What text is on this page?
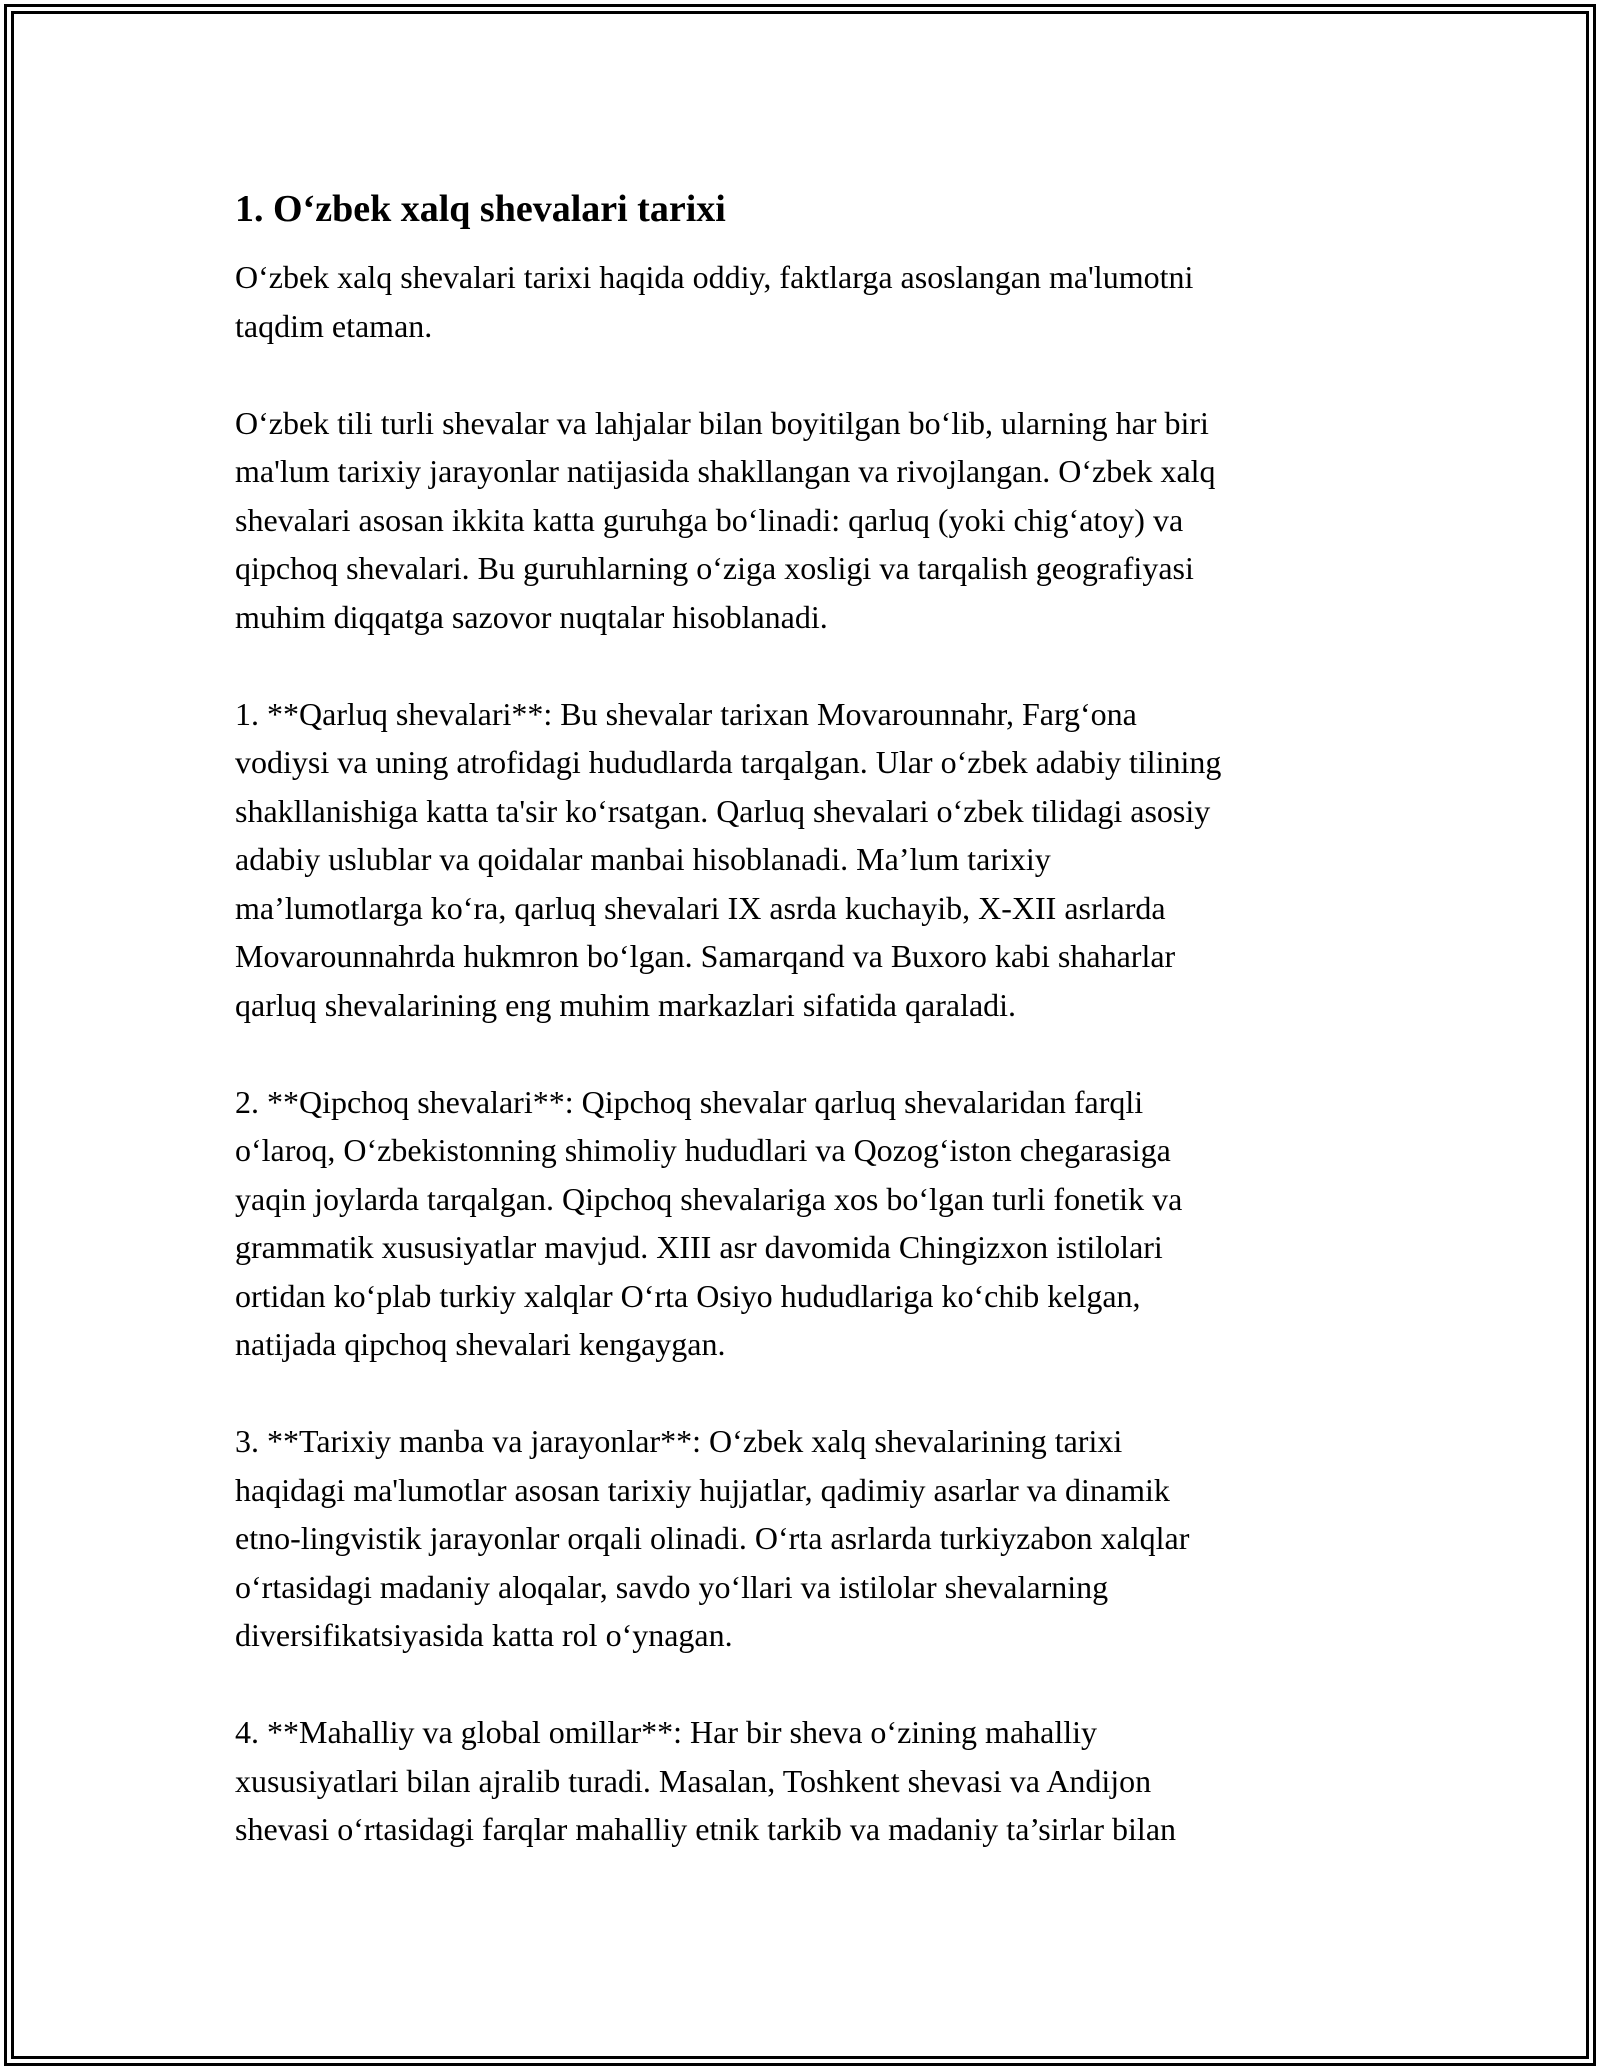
1. O‘zbek xalq shevalari tarixi

O‘zbek xalq shevalari tarixi haqida oddiy, faktlarga asoslangan ma'lumotni
taqdim etaman.

O‘zbek tili turli shevalar va lahjalar bilan boyitilgan bo‘lib, ularning har biri
ma'lum tarixiy jarayonlar natijasida shakllangan va rivojlangan. O‘zbek xalq
shevalari asosan ikkita katta guruhga bo‘linadi: qarluq (yoki chig‘atoy) va
qipchoq shevalari. Bu guruhlarning o‘ziga xosligi va tarqalish geografiyasi
muhim diqqatga sazovor nuqtalar hisoblanadi.

1. **Qarluq shevalari**: Bu shevalar tarixan Movarounnahr, Farg‘ona
vodiysi va uning atrofidagi hududlarda tarqalgan. Ular o‘zbek adabiy tilining
shakllanishiga katta ta'sir ko‘rsatgan. Qarluq shevalari o‘zbek tilidagi asosiy
adabiy uslublar va qoidalar manbai hisoblanadi. Ma’lum tarixiy
ma’lumotlarga ko‘ra, qarluq shevalari IX asrda kuchayib, X-XII asrlarda
Movarounnahrda hukmron bo‘lgan. Samarqand va Buxoro kabi shaharlar
qarluq shevalarining eng muhim markazlari sifatida qaraladi.

2. **Qipchoq shevalari**: Qipchoq shevalar qarluq shevalaridan farqli
o‘laroq, O‘zbekistonning shimoliy hududlari va Qozog‘iston chegarasiga
yaqin joylarda tarqalgan. Qipchoq shevalariga xos bo‘lgan turli fonetik va
grammatik xususiyatlar mavjud. XIII asr davomida Chingizxon istilolari
ortidan ko‘plab turkiy xalqlar O‘rta Osiyo hududlariga ko‘chib kelgan,
natijada qipchoq shevalari kengaygan.

3. **Tarixiy manba va jarayonlar**: O‘zbek xalq shevalarining tarixi
haqidagi ma'lumotlar asosan tarixiy hujjatlar, qadimiy asarlar va dinamik
etno-lingvistik jarayonlar orqali olinadi. O‘rta asrlarda turkiyzabon xalqlar
o‘rtasidagi madaniy aloqalar, savdo yo‘llari va istilolar shevalarning
diversifikatsiyasida katta rol o‘ynagan.

4. **Mahalliy va global omillar**: Har bir sheva o‘zining mahalliy
xususiyatlari bilan ajralib turadi. Masalan, Toshkent shevasi va Andijon
shevasi o‘rtasidagi farqlar mahalliy etnik tarkib va madaniy ta’sirlar bilan
